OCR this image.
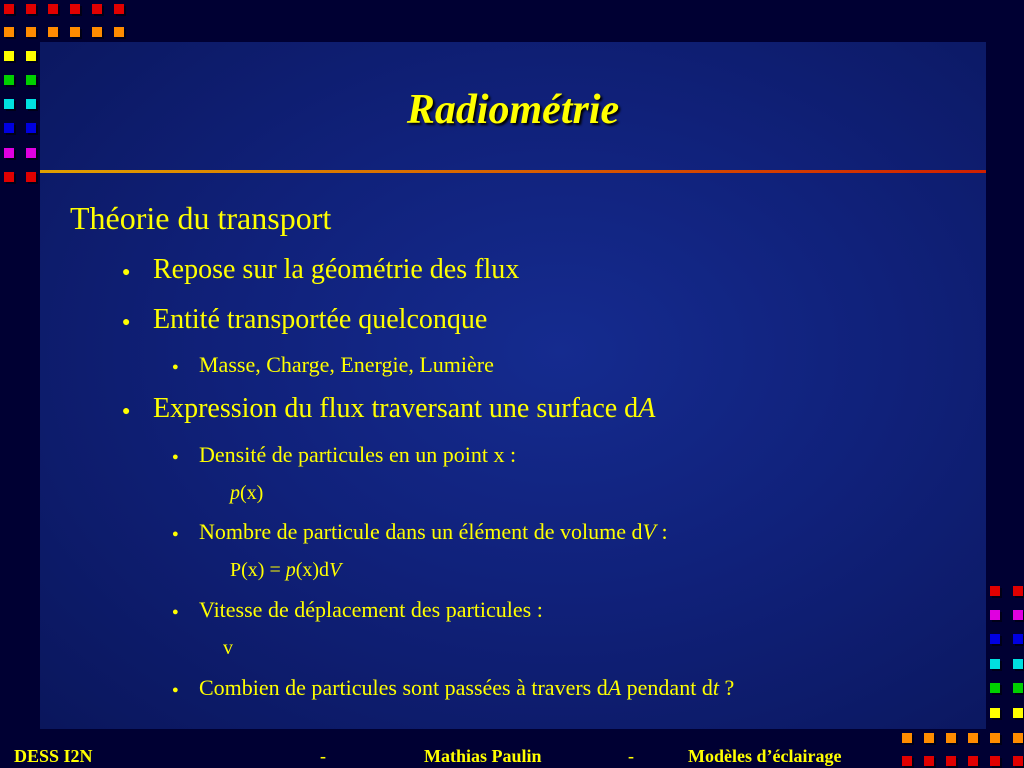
Radiométrie
Théorie du transport
● Repose sur la géométrie des flux
● Entité transportée quelconque
● Masse, Charge, Energie, Lumière
● Expression du flux traversant une surface dA
● Densité de particules en un point x :
p(x)
● Nombre de particule dans un élément de volume dV :
P(x) = p(x)dV
● Vitesse de déplacement des particules :
v
● Combien de particules sont passées à travers dA pendant dt ?
DESS I2N	-	Mathias Paulin	-	Modèles d’éclairage
